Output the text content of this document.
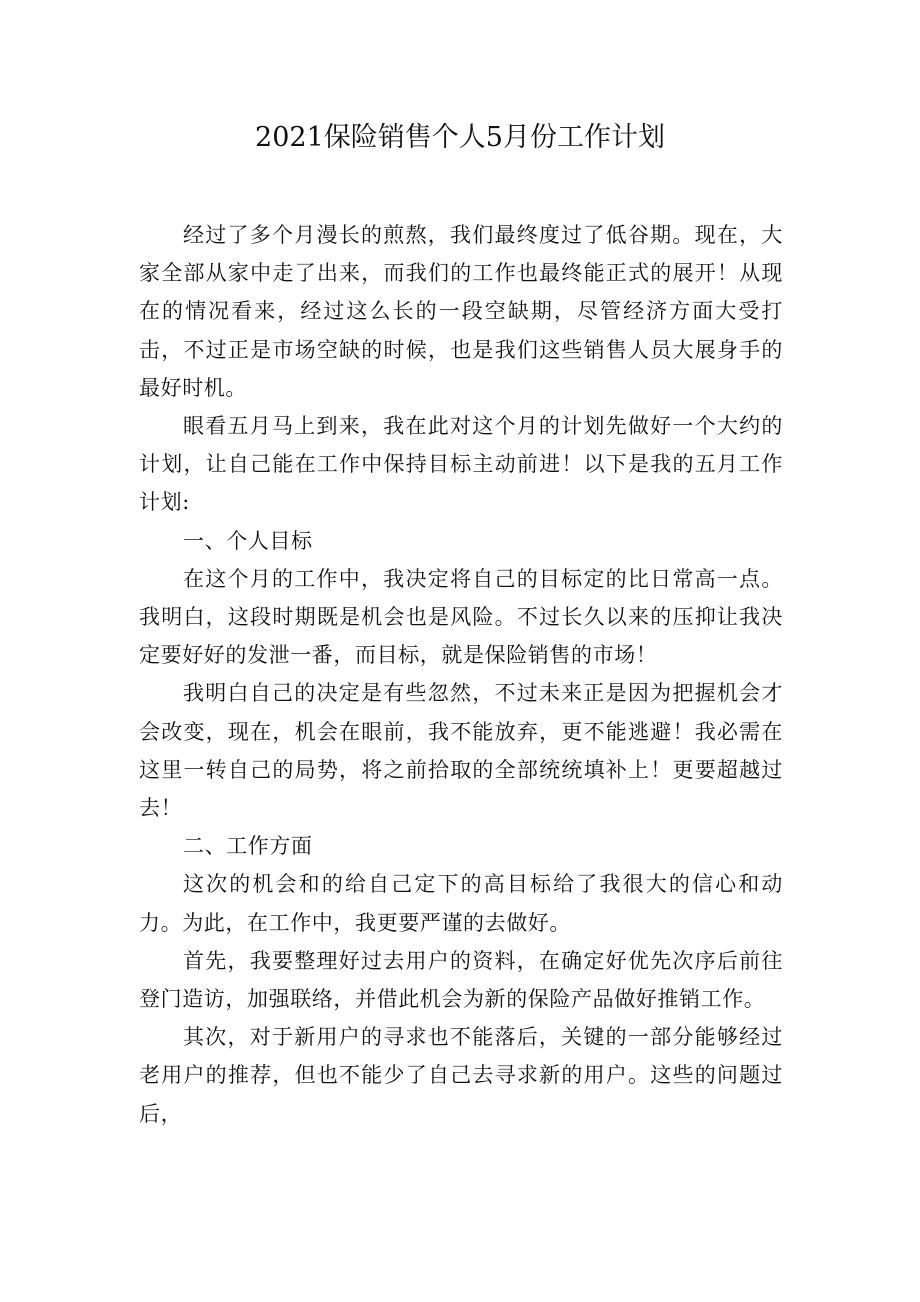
2021保险销售个人5月份工作计划

经过了多个月漫长的煎熬，我们最终度过了低谷期。现在，大家全部从家中走了出来，而我们的工作也最终能正式的展开！从现在的情况看来，经过这么长的一段空缺期，尽管经济方面大受打击，不过正是市场空缺的时候，也是我们这些销售人员大展身手的最好时机。

眼看五月马上到来，我在此对这个月的计划先做好一个大约的计划，让自己能在工作中保持目标主动前进！以下是我的五月工作计划:

一、个人目标

在这个月的工作中，我决定将自己的目标定的比日常高一点。我明白，这段时期既是机会也是风险。不过长久以来的压抑让我决定要好好的发泄一番，而目标，就是保险销售的市场！

我明白自己的决定是有些忽然，不过未来正是因为把握机会才会改变，现在，机会在眼前，我不能放弃，更不能逃避！我必需在这里一转自己的局势，将之前拾取的全部统统填补上！更要超越过去！

二、工作方面

这次的机会和的给自己定下的高目标给了我很大的信心和动力。为此，在工作中，我更要严谨的去做好。

首先，我要整理好过去用户的资料，在确定好优先次序后前往登门造访，加强联络，并借此机会为新的保险产品做好推销工作。

其次，对于新用户的寻求也不能落后，关键的一部分能够经过老用户的推荐，但也不能少了自己去寻求新的用户。这些的问题过后，
